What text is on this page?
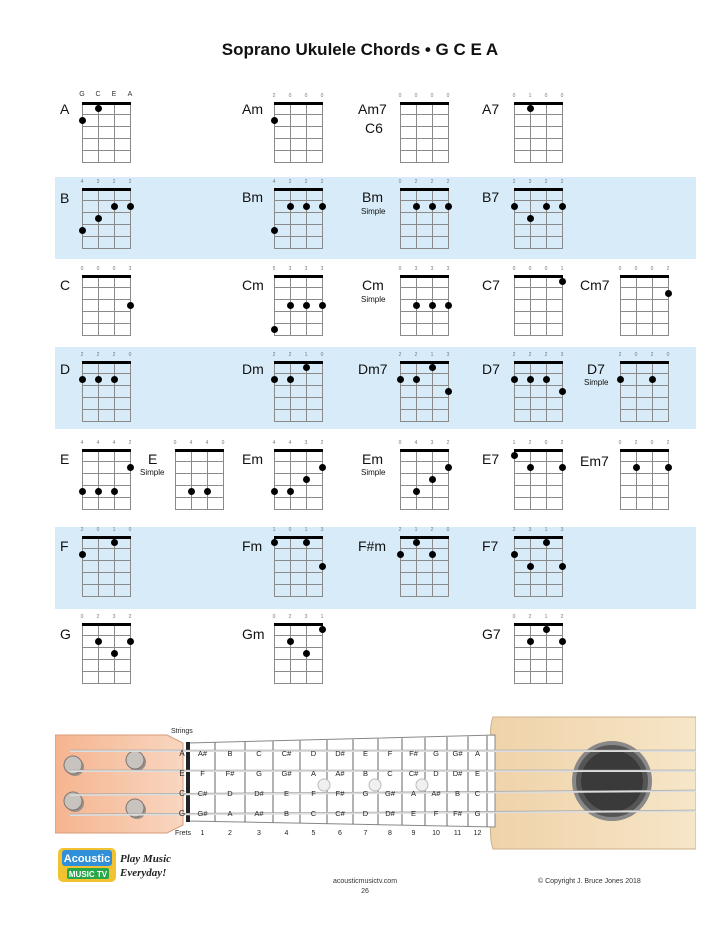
Soprano Ukulele Chords • G C E A
A
G	C	E	A
Am
2	0	0	0
Am7
C6
0	0	0	0
A7
0	1	0	0
B
4	3	2	2
Bm
4	2	2	2
Bm
Simple
0	2	2	2
B7
2	3	2	2
C
0	0	0	3
Cm
5	3	3	3
Cm
Simple
0	3	3	3
C7
0	0	0	1
Cm7
0	0	0	2
D
2	2	2	0
Dm
2	2	1	0
Dm7
2	2	1	3
D7
2	2	2	3
D7
Simple
2	0	2	0
E
4	4	4	2
E
Simple
0	4	4	0
Em
4	4	3	2
Em
Simple
0	4	3	2
E7
1	2	0	2
Em7
0	2	0	2
F
2	0	1	0
Fm
1	0	1	3
F#m
2	1	2	0
F7
2	3	1	3
G
0	2	3	2
Gm
0	2	3	1
G7
0	2	1	2
Strings
Frets
A
E
C
G
A#	B	C	C#	D	D# E	F F# G G# A
F	F#	G	G#	A	A# B	C C# D D# E
C#	D	D#	E	F	F# G G# A A# B C
G#	A	A#	B	C	C# D D# E F F# G
1	2	3	4	5	6	7	8	9 10 11 12
Acoustic
MUSIC TV
Play Music
Everyday!
acousticmusictv.com
26
© Copyright J. Bruce Jones 2018
